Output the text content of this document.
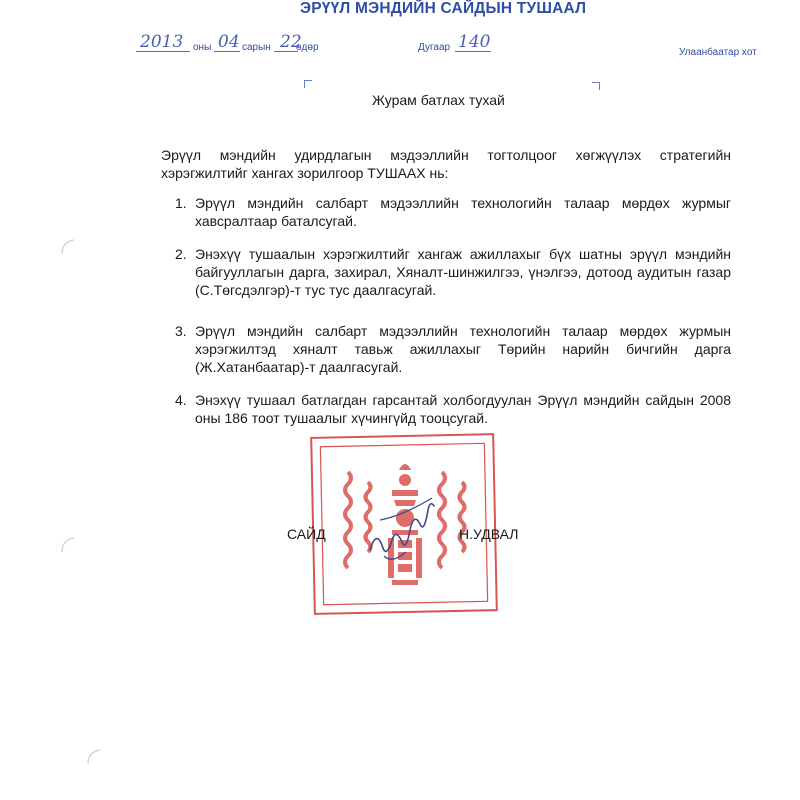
ЭРҮҮЛ МЭНДИЙН САЙДЫН ТУШААЛ
2013 оны 04 сарын 22
өдөр	Дугаар 140
Улаанбаатар хот
Журам батлах тухай
Эрүүл мэндийн удирдлагын мэдээллийн тогтолцоог хөгжүүлэх стратегийн хэрэгжилтийг хангах зорилгоор ТУШААХ нь:
1. Эрүүл мэндийн салбарт мэдээллийн технологийн талаар мөрдөх журмыг хавсралтаар баталсугай.
2. Энэхүү тушаалын хэрэгжилтийг хангаж ажиллахыг бүх шатны эрүүл мэндийн байгууллагын дарга, захирал, Хяналт-шинжилгээ, үнэлгээ, дотоод аудитын газар (С.Төгсдэлгэр)-т тус тус даалгасугай.
3. Эрүүл мэндийн салбарт мэдээллийн технологийн талаар мөрдөх журмын хэрэгжилтэд хяналт тавьж ажиллахыг Төрийн нарийн бичгийн дарга (Ж.Хатанбаатар)-т даалгасугай.
4. Энэхүү тушаал батлагдан гарсантай холбогдуулан Эрүүл мэндийн сайдын 2008 оны 186 тоот тушаалыг хүчингүйд тооцсугай.
САЙД	Н.УДВАЛ
